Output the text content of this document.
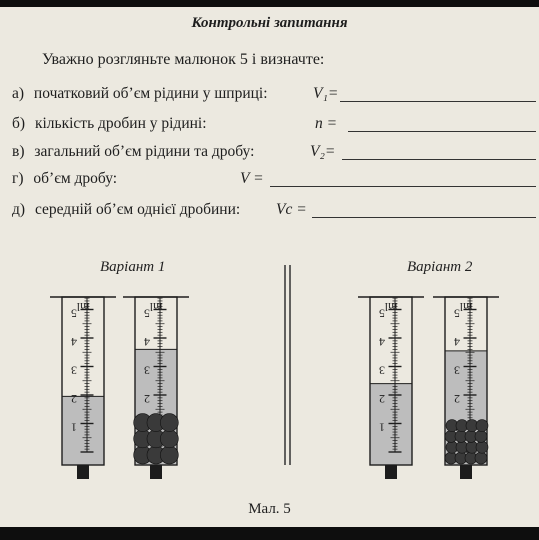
Контрольні запитання
Уважно розгляньте малюнок 5 і визначте:
а) початковий об’єм рідини у шприці:	V₁=
б) кількість дробин у рідині:	n =
в) загальний об’єм рідини та дробу:	V₂=
г) об’єм дробу:	V =
д) середній об’єм однієї дробини: Vc =
Варіант 1	Варіант 2
5
4
3
2
1
ml	5
4
3
2
ml	5
4
3
2
1
ml	5
4
3
2
ml
Мал. 5
